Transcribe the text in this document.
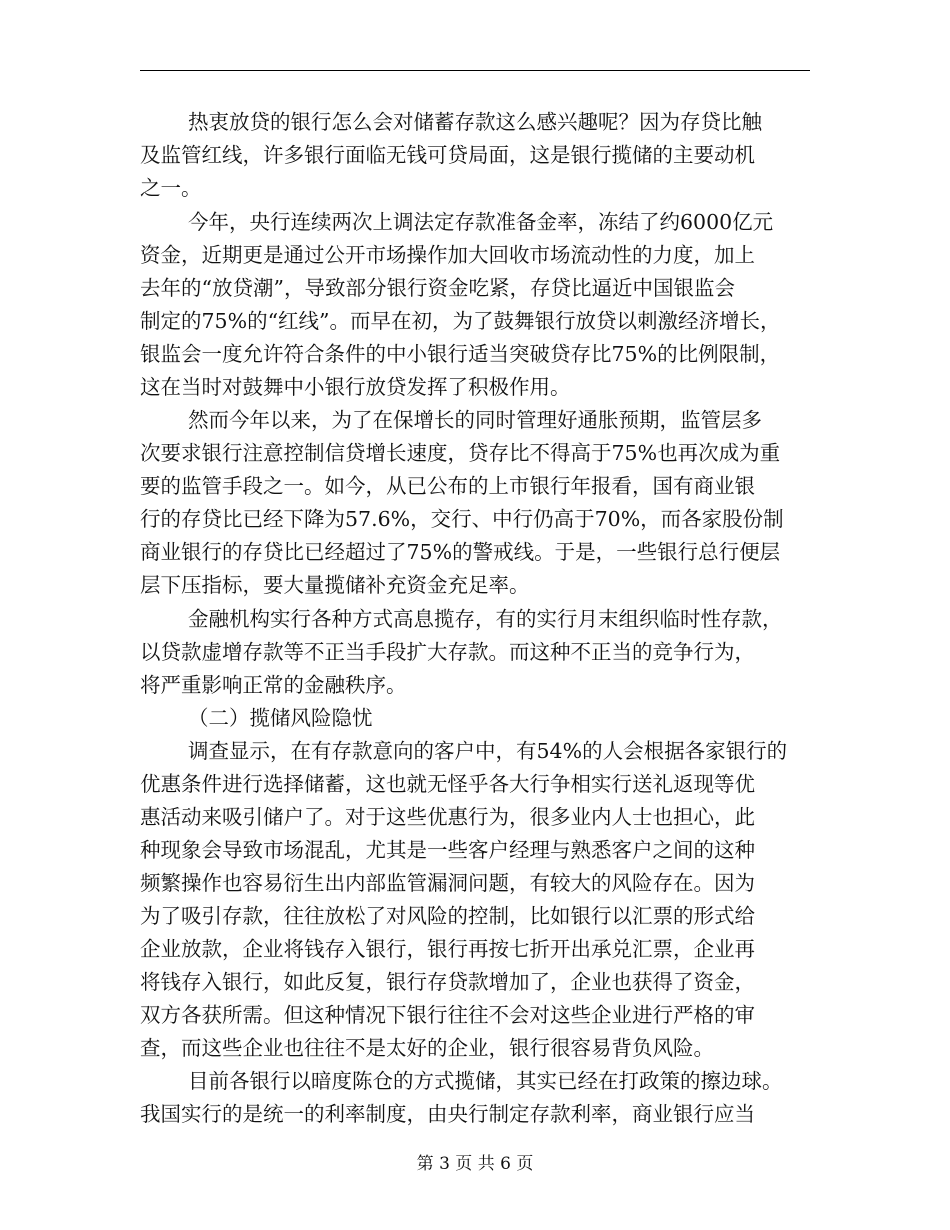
热衷放贷的银行怎么会对储蓄存款这么感兴趣呢？因为存贷比触
及监管红线，许多银行面临无钱可贷局面，这是银行揽储的主要动机
之一。
今年，央行连续两次上调法定存款准备金率，冻结了约6000亿元
资金，近期更是通过公开市场操作加大回收市场流动性的力度，加上
去年的“放贷潮”，导致部分银行资金吃紧，存贷比逼近中国银监会
制定的75%的“红线”。而早在初，为了鼓舞银行放贷以刺激经济增长，
银监会一度允许符合条件的中小银行适当突破贷存比75%的比例限制，
这在当时对鼓舞中小银行放贷发挥了积极作用。
然而今年以来，为了在保增长的同时管理好通胀预期，监管层多
次要求银行注意控制信贷增长速度，贷存比不得高于75%也再次成为重
要的监管手段之一。如今，从已公布的上市银行年报看，国有商业银
行的存贷比已经下降为57.6%，交行、中行仍高于70%，而各家股份制
商业银行的存贷比已经超过了75%的警戒线。于是，一些银行总行便层
层下压指标，要大量揽储补充资金充足率。
金融机构实行各种方式高息揽存，有的实行月末组织临时性存款，
以贷款虚增存款等不正当手段扩大存款。而这种不正当的竞争行为，
将严重影响正常的金融秩序。
（二）揽储风险隐忧
调查显示，在有存款意向的客户中，有54%的人会根据各家银行的
优惠条件进行选择储蓄，这也就无怪乎各大行争相实行送礼返现等优
惠活动来吸引储户了。对于这些优惠行为，很多业内人士也担心，此
种现象会导致市场混乱，尤其是一些客户经理与熟悉客户之间的这种
频繁操作也容易衍生出内部监管漏洞问题，有较大的风险存在。因为
为了吸引存款，往往放松了对风险的控制，比如银行以汇票的形式给
企业放款，企业将钱存入银行，银行再按七折开出承兑汇票，企业再
将钱存入银行，如此反复，银行存贷款增加了，企业也获得了资金，
双方各获所需。但这种情况下银行往往不会对这些企业进行严格的审
查，而这些企业也往往不是太好的企业，银行很容易背负风险。
目前各银行以暗度陈仓的方式揽储，其实已经在打政策的擦边球。
我国实行的是统一的利率制度，由央行制定存款利率，商业银行应当
第 3 页 共 6 页
